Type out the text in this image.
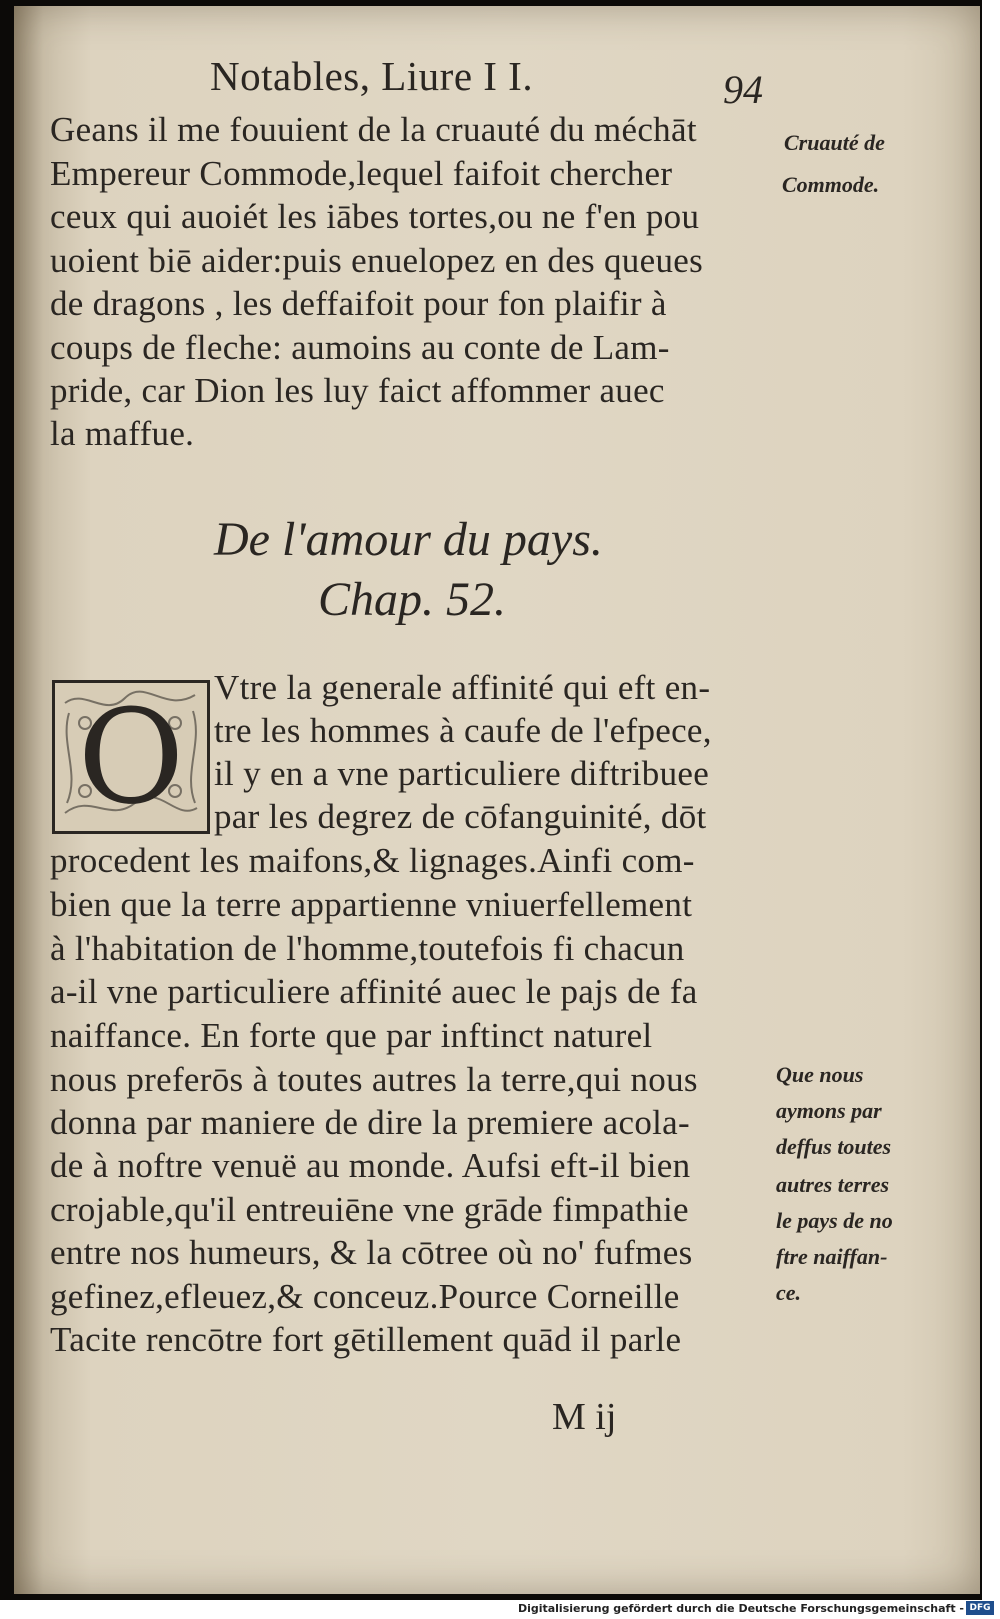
Notables, Liure I I.	94
Geans il me fouuient de la cruauté du méchāt
Empereur Commode,lequel faifoit chercher
ceux qui auoiét les iābes tortes,ou ne f'en pou
uoient biē aider:puis enuelopez en des queues
de dragons , les deffaifoit pour fon plaifir à
coups de fleche: aumoins au conte de Lam-
pride, car Dion les luy faict affommer auec
la maffue.
Cruauté de
Commode.
De l'amour du pays.
Chap. 52.
O Vtre la generale affinité qui eft en-
tre les hommes à caufe de l'efpece,
il y en a vne particuliere diftribuee
par les degrez de cōfanguinité, dōt
procedent les maifons,& lignages.Ainfi com-
bien que la terre appartienne vniuerfellement
à l'habitation de l'homme,toutefois fi chacun
a-il vne particuliere affinité auec le pajs de fa
naiffance. En forte que par inftinct naturel
nous preferōs à toutes autres la terre,qui nous
donna par maniere de dire la premiere acola-
de à noftre venuë au monde. Aufsi eft-il bien
crojable,qu'il entreuiēne vne grāde fimpathie
entre nos humeurs, & la cōtree où no' fufmes
gefinez,efleuez,& conceuz.Pource Corneille
Tacite rencōtre fort gētillement quād il parle
Que nous
aymons par
deffus toutes
autres terres
le pays de no
ftre naiffan-
ce.
M ij
Digitalisierung gefördert durch die Deutsche Forschungsgemeinschaft - DFG
